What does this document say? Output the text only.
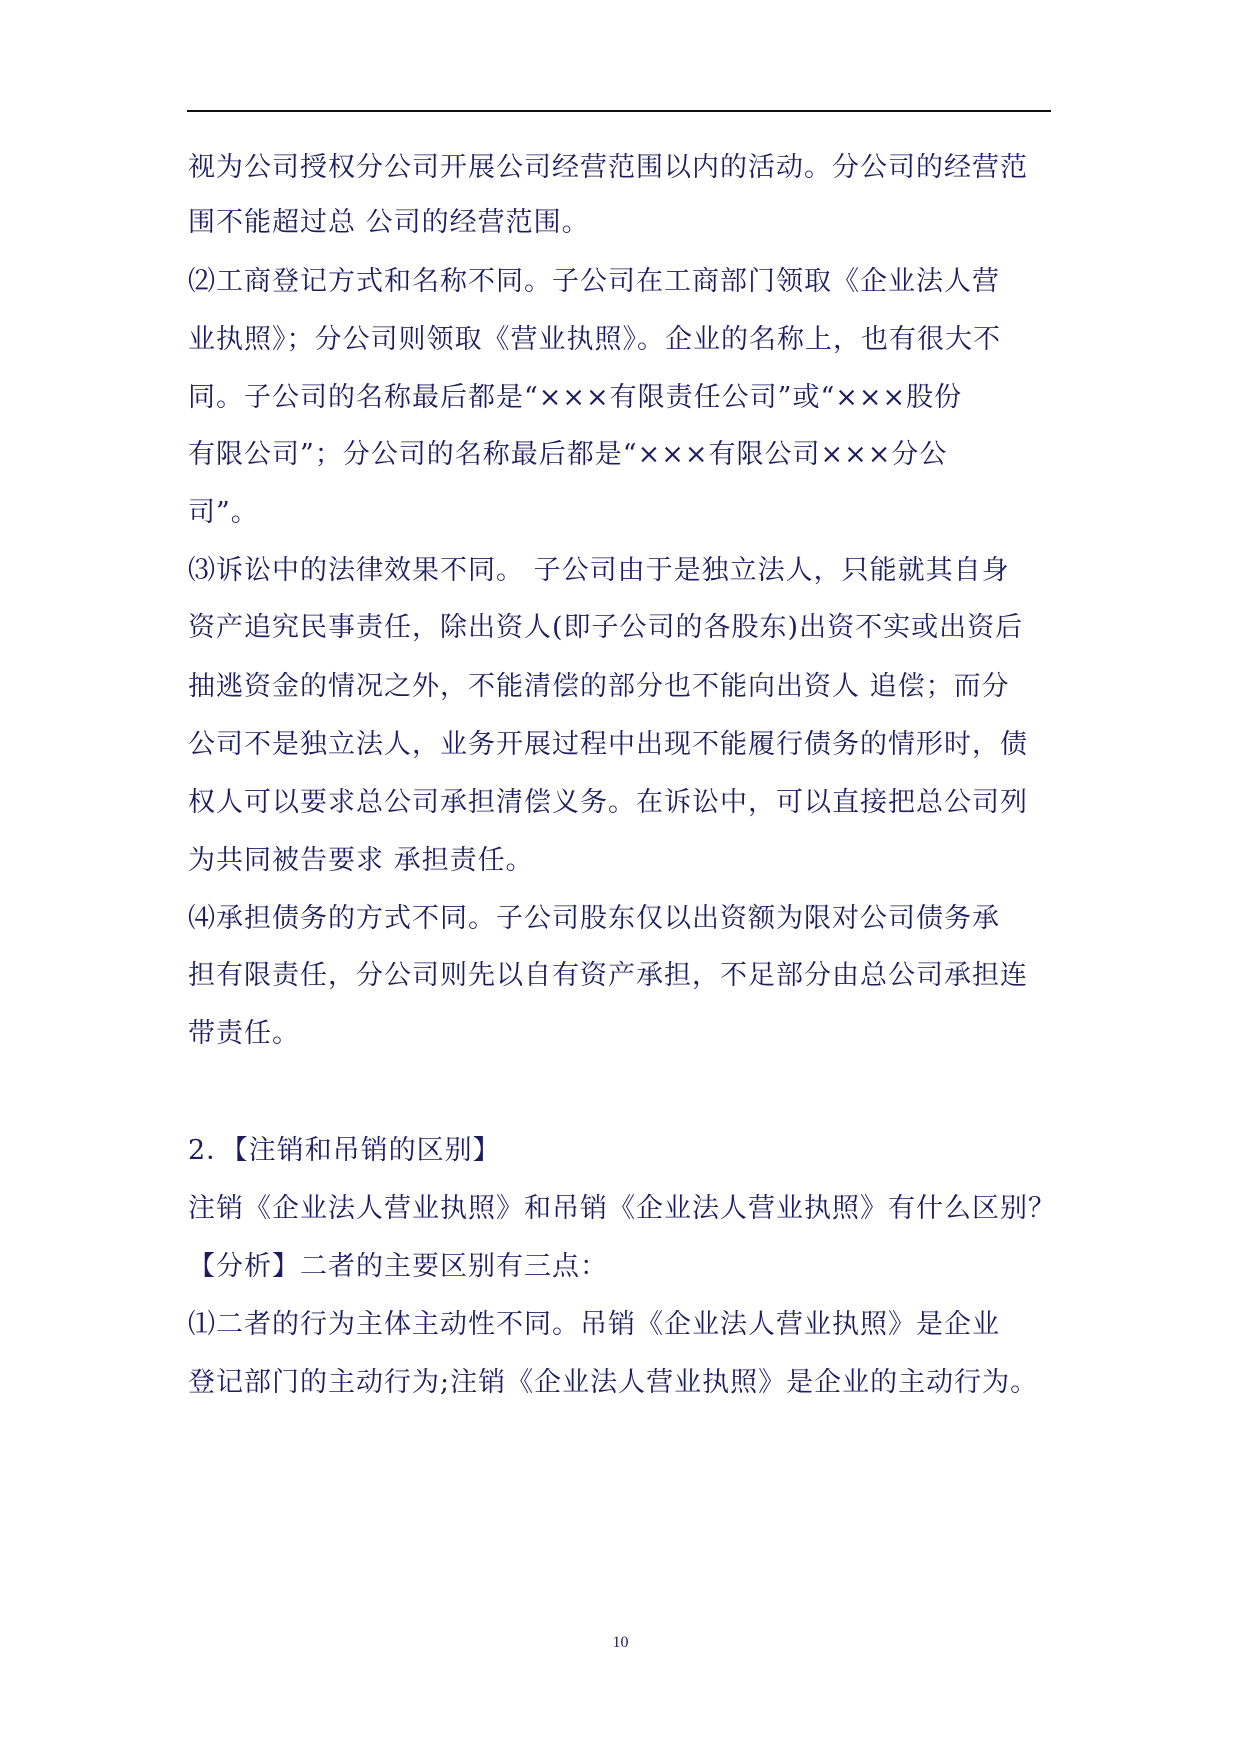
视为公司授权分公司开展公司经营范围以内的活动。分公司的经营范
围不能超过总 公司的经营范围。
⑵工商登记方式和名称不同。子公司在工商部门领取《企业法人营
业执照》；分公司则领取《营业执照》。企业的名称上，也有很大不
同。子公司的名称最后都是“×××有限责任公司”或“×××股份
有限公司”；分公司的名称最后都是“×××有限公司×××分公
司”。
⑶诉讼中的法律效果不同。 子公司由于是独立法人，只能就其自身
资产追究民事责任，除出资人(即子公司的各股东)出资不实或出资后
抽逃资金的情况之外，不能清偿的部分也不能向出资人 追偿；而分
公司不是独立法人，业务开展过程中出现不能履行债务的情形时，债
权人可以要求总公司承担清偿义务。在诉讼中，可以直接把总公司列
为共同被告要求 承担责任。
⑷承担债务的方式不同。子公司股东仅以出资额为限对公司债务承
担有限责任，分公司则先以自有资产承担，不足部分由总公司承担连
带责任。
2．【注销和吊销的区别】
注销《企业法人营业执照》和吊销《企业法人营业执照》有什么区别？
【分析】二者的主要区别有三点：
⑴二者的行为主体主动性不同。吊销《企业法人营业执照》是企业
登记部门的主动行为;注销《企业法人营业执照》是企业的主动行为。
10
